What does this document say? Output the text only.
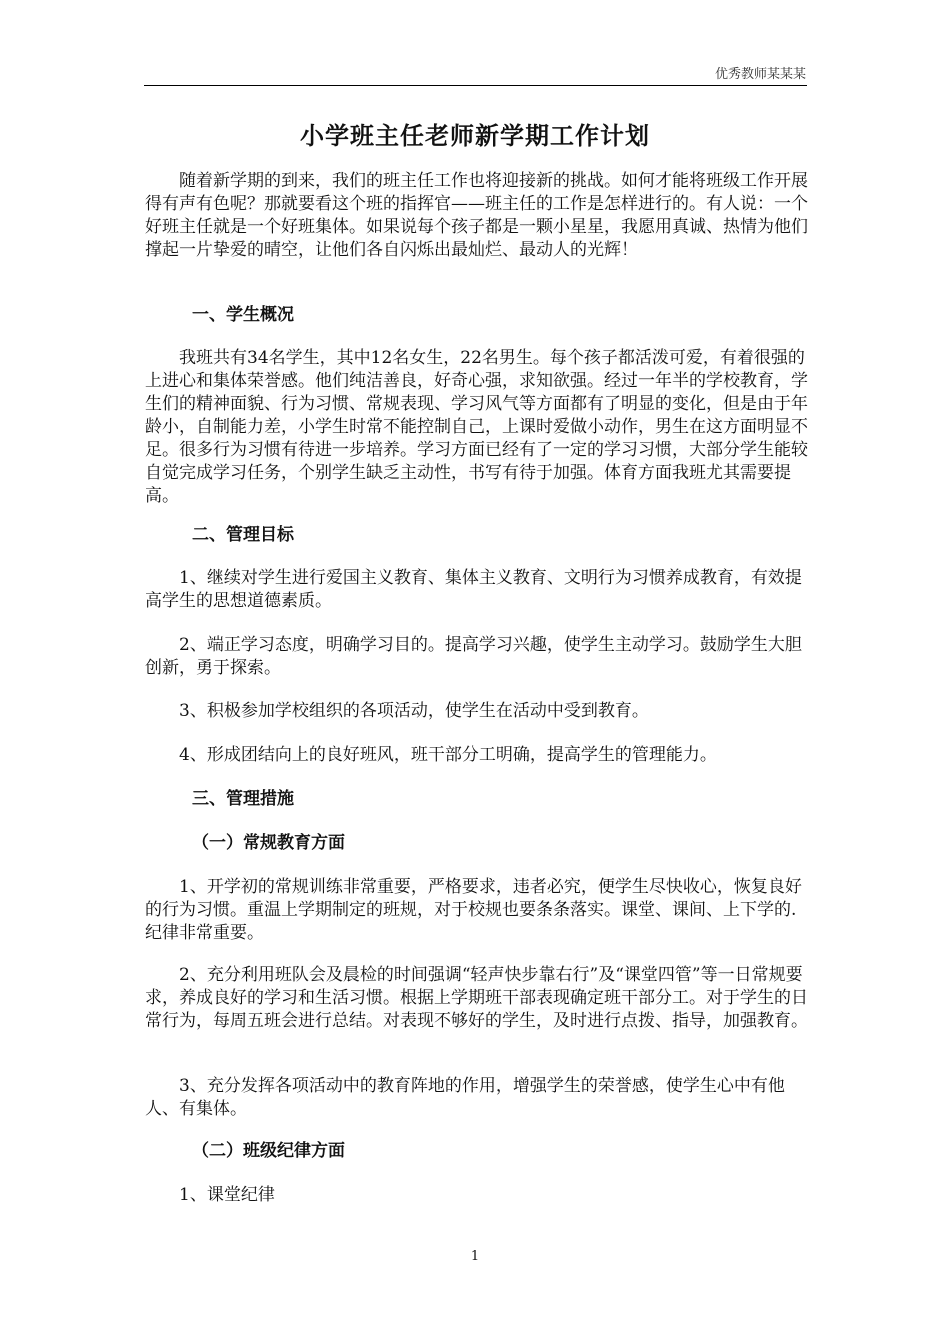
优秀教师某某某
小学班主任老师新学期工作计划

随着新学期的到来，我们的班主任工作也将迎接新的挑战。如何才能将班级工作开展得有声有色呢？那就要看这个班的指挥官——班主任的工作是怎样进行的。有人说：一个好班主任就是一个好班集体。如果说每个孩子都是一颗小星星，我愿用真诚、热情为他们撑起一片挚爱的晴空，让他们各自闪烁出最灿烂、最动人的光辉！

一、学生概况

我班共有34名学生，其中12名女生，22名男生。每个孩子都活泼可爱，有着很强的上进心和集体荣誉感。他们纯洁善良，好奇心强，求知欲强。经过一年半的学校教育，学生们的精神面貌、行为习惯、常规表现、学习风气等方面都有了明显的变化，但是由于年龄小，自制能力差，小学生时常不能控制自己，上课时爱做小动作，男生在这方面明显不足。很多行为习惯有待进一步培养。学习方面已经有了一定的学习习惯，大部分学生能较自觉完成学习任务，个别学生缺乏主动性，书写有待于加强。体育方面我班尤其需要提高。

二、管理目标

1、继续对学生进行爱国主义教育、集体主义教育、文明行为习惯养成教育，有效提高学生的思想道德素质。

2、端正学习态度，明确学习目的。提高学习兴趣，使学生主动学习。鼓励学生大胆创新，勇于探索。

3、积极参加学校组织的各项活动，使学生在活动中受到教育。

4、形成团结向上的良好班风，班干部分工明确，提高学生的管理能力。

三、管理措施
（一）常规教育方面

1、开学初的常规训练非常重要，严格要求，违者必究，便学生尽快收心，恢复良好的行为习惯。重温上学期制定的班规，对于校规也要条条落实。课堂、课间、上下学的.纪律非常重要。

2、充分利用班队会及晨检的时间强调“轻声快步靠右行”及“课堂四管”等一日常规要求，养成良好的学习和生活习惯。根据上学期班干部表现确定班干部分工。对于学生的日常行为，每周五班会进行总结。对表现不够好的学生，及时进行点拨、指导，加强教育。

3、充分发挥各项活动中的教育阵地的作用，增强学生的荣誉感，使学生心中有他人、有集体。

（二）班级纪律方面

1、课堂纪律

1
